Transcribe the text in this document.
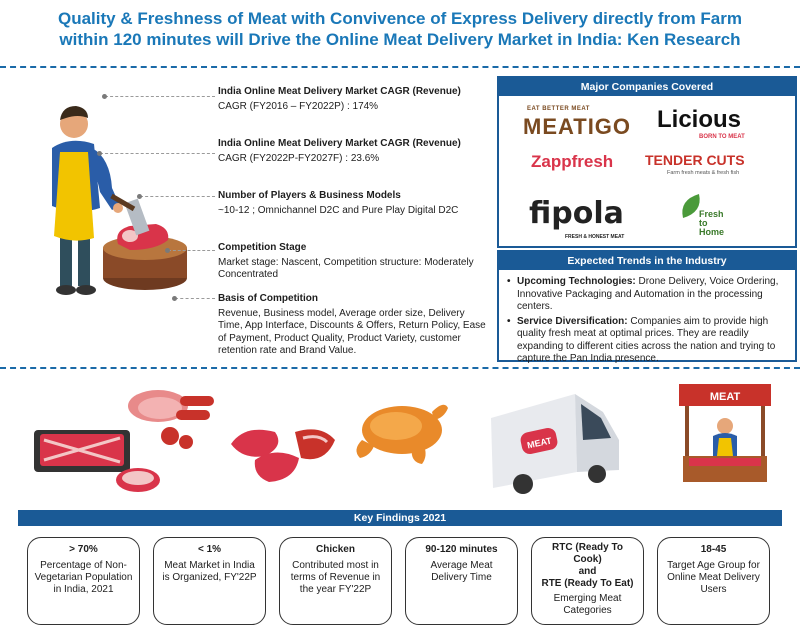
Quality & Freshness of Meat with Convivence of Express Delivery directly from Farm
within 120 minutes will Drive the Online Meat Delivery Market in India: Ken Research
India Online Meat Delivery Market CAGR (Revenue)
CAGR (FY2016 – FY2022P) : 174%
India Online Meat Delivery Market CAGR (Revenue)
CAGR (FY2022P-FY2027F) : 23.6%
Number of Players & Business Models
~10-12 ; Omnichannel D2C and Pure Play Digital D2C
Competition Stage
Market stage: Nascent, Competition structure: Moderately Concentrated
Basis of Competition
Revenue, Business model, Average order size, Delivery Time, App Interface, Discounts & Offers, Return Policy, Ease of Payment, Product Quality, Product Variety, customer retention rate and Brand Value.
Major Companies Covered
EAT BETTER MEAT
MEATIGO Licious
BORN TO MEAT
Zappfresh TENDER CUTS
Farm fresh meats & fresh fish
fipola
FRESH & HONEST MEAT
Fresh
to
Home
Expected Trends in the Industry
• Upcoming Technologies: Drone Delivery, Voice Ordering, Innovative Packaging and Automation in the processing centers.
• Service Diversification: Companies aim to provide high quality fresh meat at optimal prices. They are readily expanding to different cities across the nation and trying to capture the Pan India presence.
MEAT
MEAT
Key Findings 2021
> 70%
Percentage of Non-Vegetarian Population in India, 2021
< 1%
Meat Market in India is Organized, FY'22P
Chicken
Contributed most in terms of Revenue in the year FY'22P
90-120 minutes
Average Meat Delivery Time
RTC (Ready To Cook)
and
RTE (Ready To Eat)
Emerging Meat Categories
18-45
Target Age Group for Online Meat Delivery Users
